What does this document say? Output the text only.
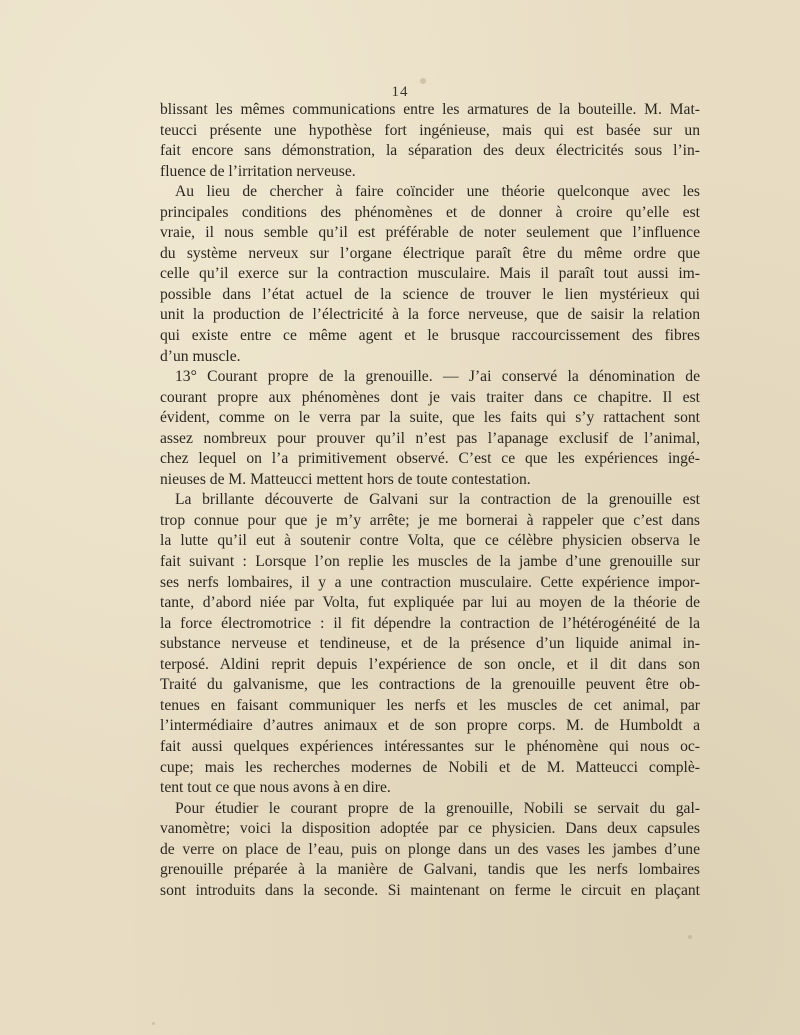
14
blissant les mêmes communications entre les armatures de la bouteille. M. Mat-
teucci présente une hypothèse fort ingénieuse, mais qui est basée sur un
fait encore sans démonstration, la séparation des deux électricités sous l’in-
fluence de l’irritation nerveuse.
Au lieu de chercher à faire coïncider une théorie quelconque avec les
principales conditions des phénomènes et de donner à croire qu’elle est
vraie, il nous semble qu’il est préférable de noter seulement que l’influence
du système nerveux sur l’organe électrique paraît être du même ordre que
celle qu’il exerce sur la contraction musculaire. Mais il paraît tout aussi im-
possible dans l’état actuel de la science de trouver le lien mystérieux qui
unit la production de l’électricité à la force nerveuse, que de saisir la relation
qui existe entre ce même agent et le brusque raccourcissement des fibres
d’un muscle.
13° Courant propre de la grenouille. — J’ai conservé la dénomination de
courant propre aux phénomènes dont je vais traiter dans ce chapitre. Il est
évident, comme on le verra par la suite, que les faits qui s’y rattachent sont
assez nombreux pour prouver qu’il n’est pas l’apanage exclusif de l’animal,
chez lequel on l’a primitivement observé. C’est ce que les expériences ingé-
nieuses de M. Matteucci mettent hors de toute contestation.
La brillante découverte de Galvani sur la contraction de la grenouille est
trop connue pour que je m’y arrête; je me bornerai à rappeler que c’est dans
la lutte qu’il eut à soutenir contre Volta, que ce célèbre physicien observa le
fait suivant : Lorsque l’on replie les muscles de la jambe d’une grenouille sur
ses nerfs lombaires, il y a une contraction musculaire. Cette expérience impor-
tante, d’abord niée par Volta, fut expliquée par lui au moyen de la théorie de
la force électromotrice : il fit dépendre la contraction de l’hétérogénéité de la
substance nerveuse et tendineuse, et de la présence d’un liquide animal in-
terposé. Aldini reprit depuis l’expérience de son oncle, et il dit dans son
Traité du galvanisme, que les contractions de la grenouille peuvent être ob-
tenues en faisant communiquer les nerfs et les muscles de cet animal, par
l’intermédiaire d’autres animaux et de son propre corps. M. de Humboldt a
fait aussi quelques expériences intéressantes sur le phénomène qui nous oc-
cupe; mais les recherches modernes de Nobili et de M. Matteucci complè-
tent tout ce que nous avons à en dire.
Pour étudier le courant propre de la grenouille, Nobili se servait du gal-
vanomètre; voici la disposition adoptée par ce physicien. Dans deux capsules
de verre on place de l’eau, puis on plonge dans un des vases les jambes d’une
grenouille préparée à la manière de Galvani, tandis que les nerfs lombaires
sont introduits dans la seconde. Si maintenant on ferme le circuit en plaçant
